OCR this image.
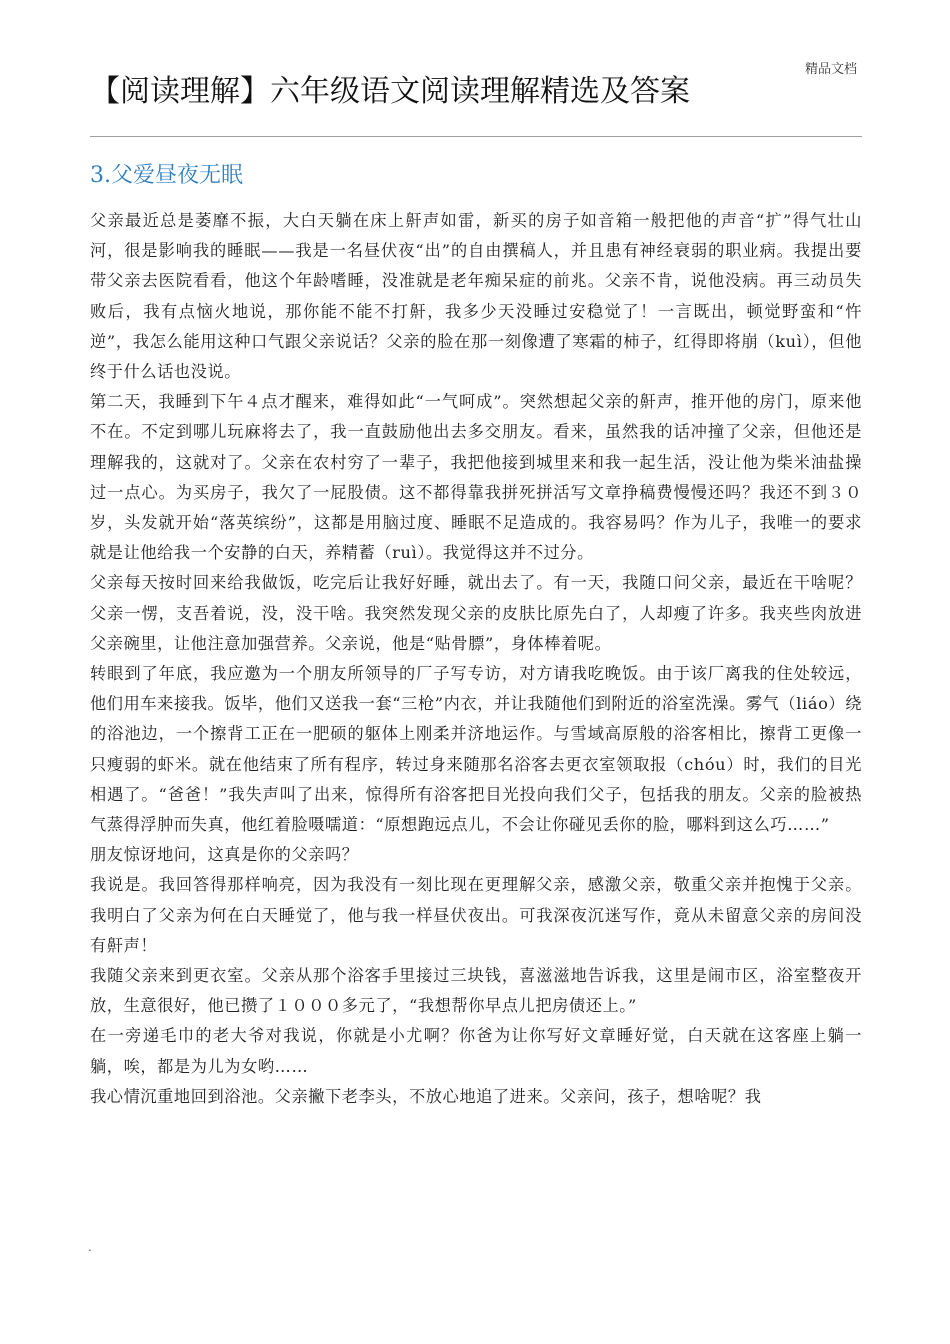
精品文档
【阅读理解】六年级语文阅读理解精选及答案
3.父爱昼夜无眠

父亲最近总是萎靡不振，大白天躺在床上鼾声如雷，新买的房子如音箱一般把他的声音“扩”得气壮山河，很是影响我的睡眠——我是一名昼伏夜“出”的自由撰稿人，并且患有神经衰弱的职业病。我提出要带父亲去医院看看，他这个年龄嗜睡，没准就是老年痴呆症的前兆。父亲不肯，说他没病。再三动员失败后，我有点恼火地说，那你能不能不打鼾，我多少天没睡过安稳觉了！一言既出，顿觉野蛮和“忤逆”，我怎么能用这种口气跟父亲说话？父亲的脸在那一刻像遭了寒霜的柿子，红得即将崩（kuì），但他终于什么话也没说。

第二天，我睡到下午４点才醒来，难得如此“一气呵成”。突然想起父亲的鼾声，推开他的房门，原来他不在。不定到哪儿玩麻将去了，我一直鼓励他出去多交朋友。看来，虽然我的话冲撞了父亲，但他还是理解我的，这就对了。父亲在农村穷了一辈子，我把他接到城里来和我一起生活，没让他为柴米油盐操过一点心。为买房子，我欠了一屁股债。这不都得靠我拼死拼活写文章挣稿费慢慢还吗？我还不到３０岁，头发就开始“落英缤纷”，这都是用脑过度、睡眠不足造成的。我容易吗？作为儿子，我唯一的要求就是让他给我一个安静的白天，养精蓄（ruì）。我觉得这并不过分。

父亲每天按时回来给我做饭，吃完后让我好好睡，就出去了。有一天，我随口问父亲，最近在干啥呢？父亲一愣，支吾着说，没，没干啥。我突然发现父亲的皮肤比原先白了，人却瘦了许多。我夹些肉放进父亲碗里，让他注意加强营养。父亲说，他是“贴骨膘”，身体棒着呢。

转眼到了年底，我应邀为一个朋友所领导的厂子写专访，对方请我吃晚饭。由于该厂离我的住处较远，他们用车来接我。饭毕，他们又送我一套“三枪”内衣，并让我随他们到附近的浴室洗澡。雾气（liáo）绕的浴池边，一个擦背工正在一肥硕的躯体上刚柔并济地运作。与雪域高原般的浴客相比，擦背工更像一只瘦弱的虾米。就在他结束了所有程序，转过身来随那名浴客去更衣室领取报（chóu）时，我们的目光相遇了。“爸爸！”我失声叫了出来，惊得所有浴客把目光投向我们父子，包括我的朋友。父亲的脸被热气蒸得浮肿而失真，他红着脸嗫嚅道：“原想跑远点儿，不会让你碰见丢你的脸，哪料到这么巧……”

朋友惊讶地问，这真是你的父亲吗？

我说是。我回答得那样响亮，因为我没有一刻比现在更理解父亲，感激父亲，敬重父亲并抱愧于父亲。我明白了父亲为何在白天睡觉了，他与我一样昼伏夜出。可我深夜沉迷写作，竟从未留意父亲的房间没有鼾声！

我随父亲来到更衣室。父亲从那个浴客手里接过三块钱，喜滋滋地告诉我，这里是闹市区，浴室整夜开放，生意很好，他已攒了１０００多元了，“我想帮你早点儿把房债还上。”

在一旁递毛巾的老大爷对我说，你就是小尤啊？你爸为让你写好文章睡好觉，白天就在这客座上躺一躺，唉，都是为儿为女哟……

我心情沉重地回到浴池。父亲撇下老李头，不放心地追了进来。父亲问，孩子，想啥呢？我

.
